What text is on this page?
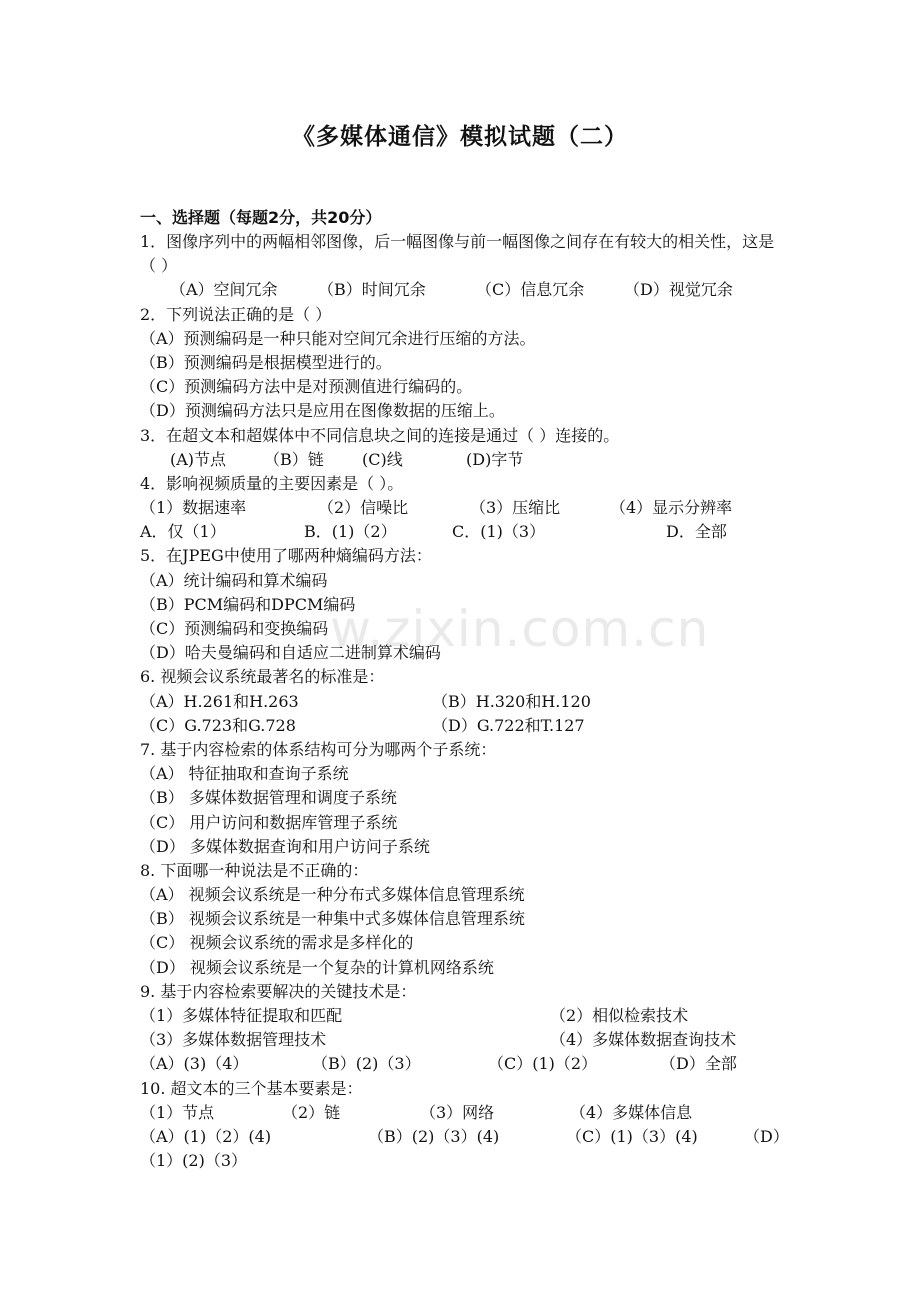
《多媒体通信》模拟试题（二）
w.zixin.com.cn
一、选择题（每题2分，共20分）
1．图像序列中的两幅相邻图像，后一幅图像与前一幅图像之间存在有较大的相关性，这是（ ）
（A）空间冗余	（B）时间冗余	（C）信息冗余 （D）视觉冗余
2．下列说法正确的是（ ）
（A）预测编码是一种只能对空间冗余进行压缩的方法。
（B）预测编码是根据模型进行的。
（C）预测编码方法中是对预测值进行编码的。
（D）预测编码方法只是应用在图像数据的压缩上。
3．在超文本和超媒体中不同信息块之间的连接是通过（ ）连接的。
(A)节点 （B）链 (C)线	(D)字节
4．影响视频质量的主要因素是（ ）。
（1）数据速率	（2）信噪比	（3）压缩比	（4）显示分辨率
A．仅（1）	B．(1)（2）	C．(1)（3）	D．全部
5．在JPEG中使用了哪两种熵编码方法：
（A）统计编码和算术编码
（B）PCM编码和DPCM编码
（C）预测编码和变换编码
（D）哈夫曼编码和自适应二进制算术编码
6. 视频会议系统最著名的标准是：
（A）H.261和H.263	（B）H.320和H.120
（C）G.723和G.728	（D）G.722和T.127
7. 基于内容检索的体系结构可分为哪两个子系统：
（A） 特征抽取和查询子系统
（B） 多媒体数据管理和调度子系统
（C） 用户访问和数据库管理子系统
（D） 多媒体数据查询和用户访问子系统
8. 下面哪一种说法是不正确的：
（A） 视频会议系统是一种分布式多媒体信息管理系统
（B） 视频会议系统是一种集中式多媒体信息管理系统
（C） 视频会议系统的需求是多样化的
（D） 视频会议系统是一个复杂的计算机网络系统
9. 基于内容检索要解决的关键技术是：
（1）多媒体特征提取和匹配	（2）相似检索技术
（3）多媒体数据管理技术	（4）多媒体数据查询技术
（A）(3)（4）	（B）(2)（3）	（C）(1)（2）	（D）全部
10. 超文本的三个基本要素是：
（1）节点	（2）链	（3）网络	（4）多媒体信息
（A）(1)（2）(4)	（B）(2)（3）(4)	（C）(1)（3）(4)	（D）
（1）(2)（3）
